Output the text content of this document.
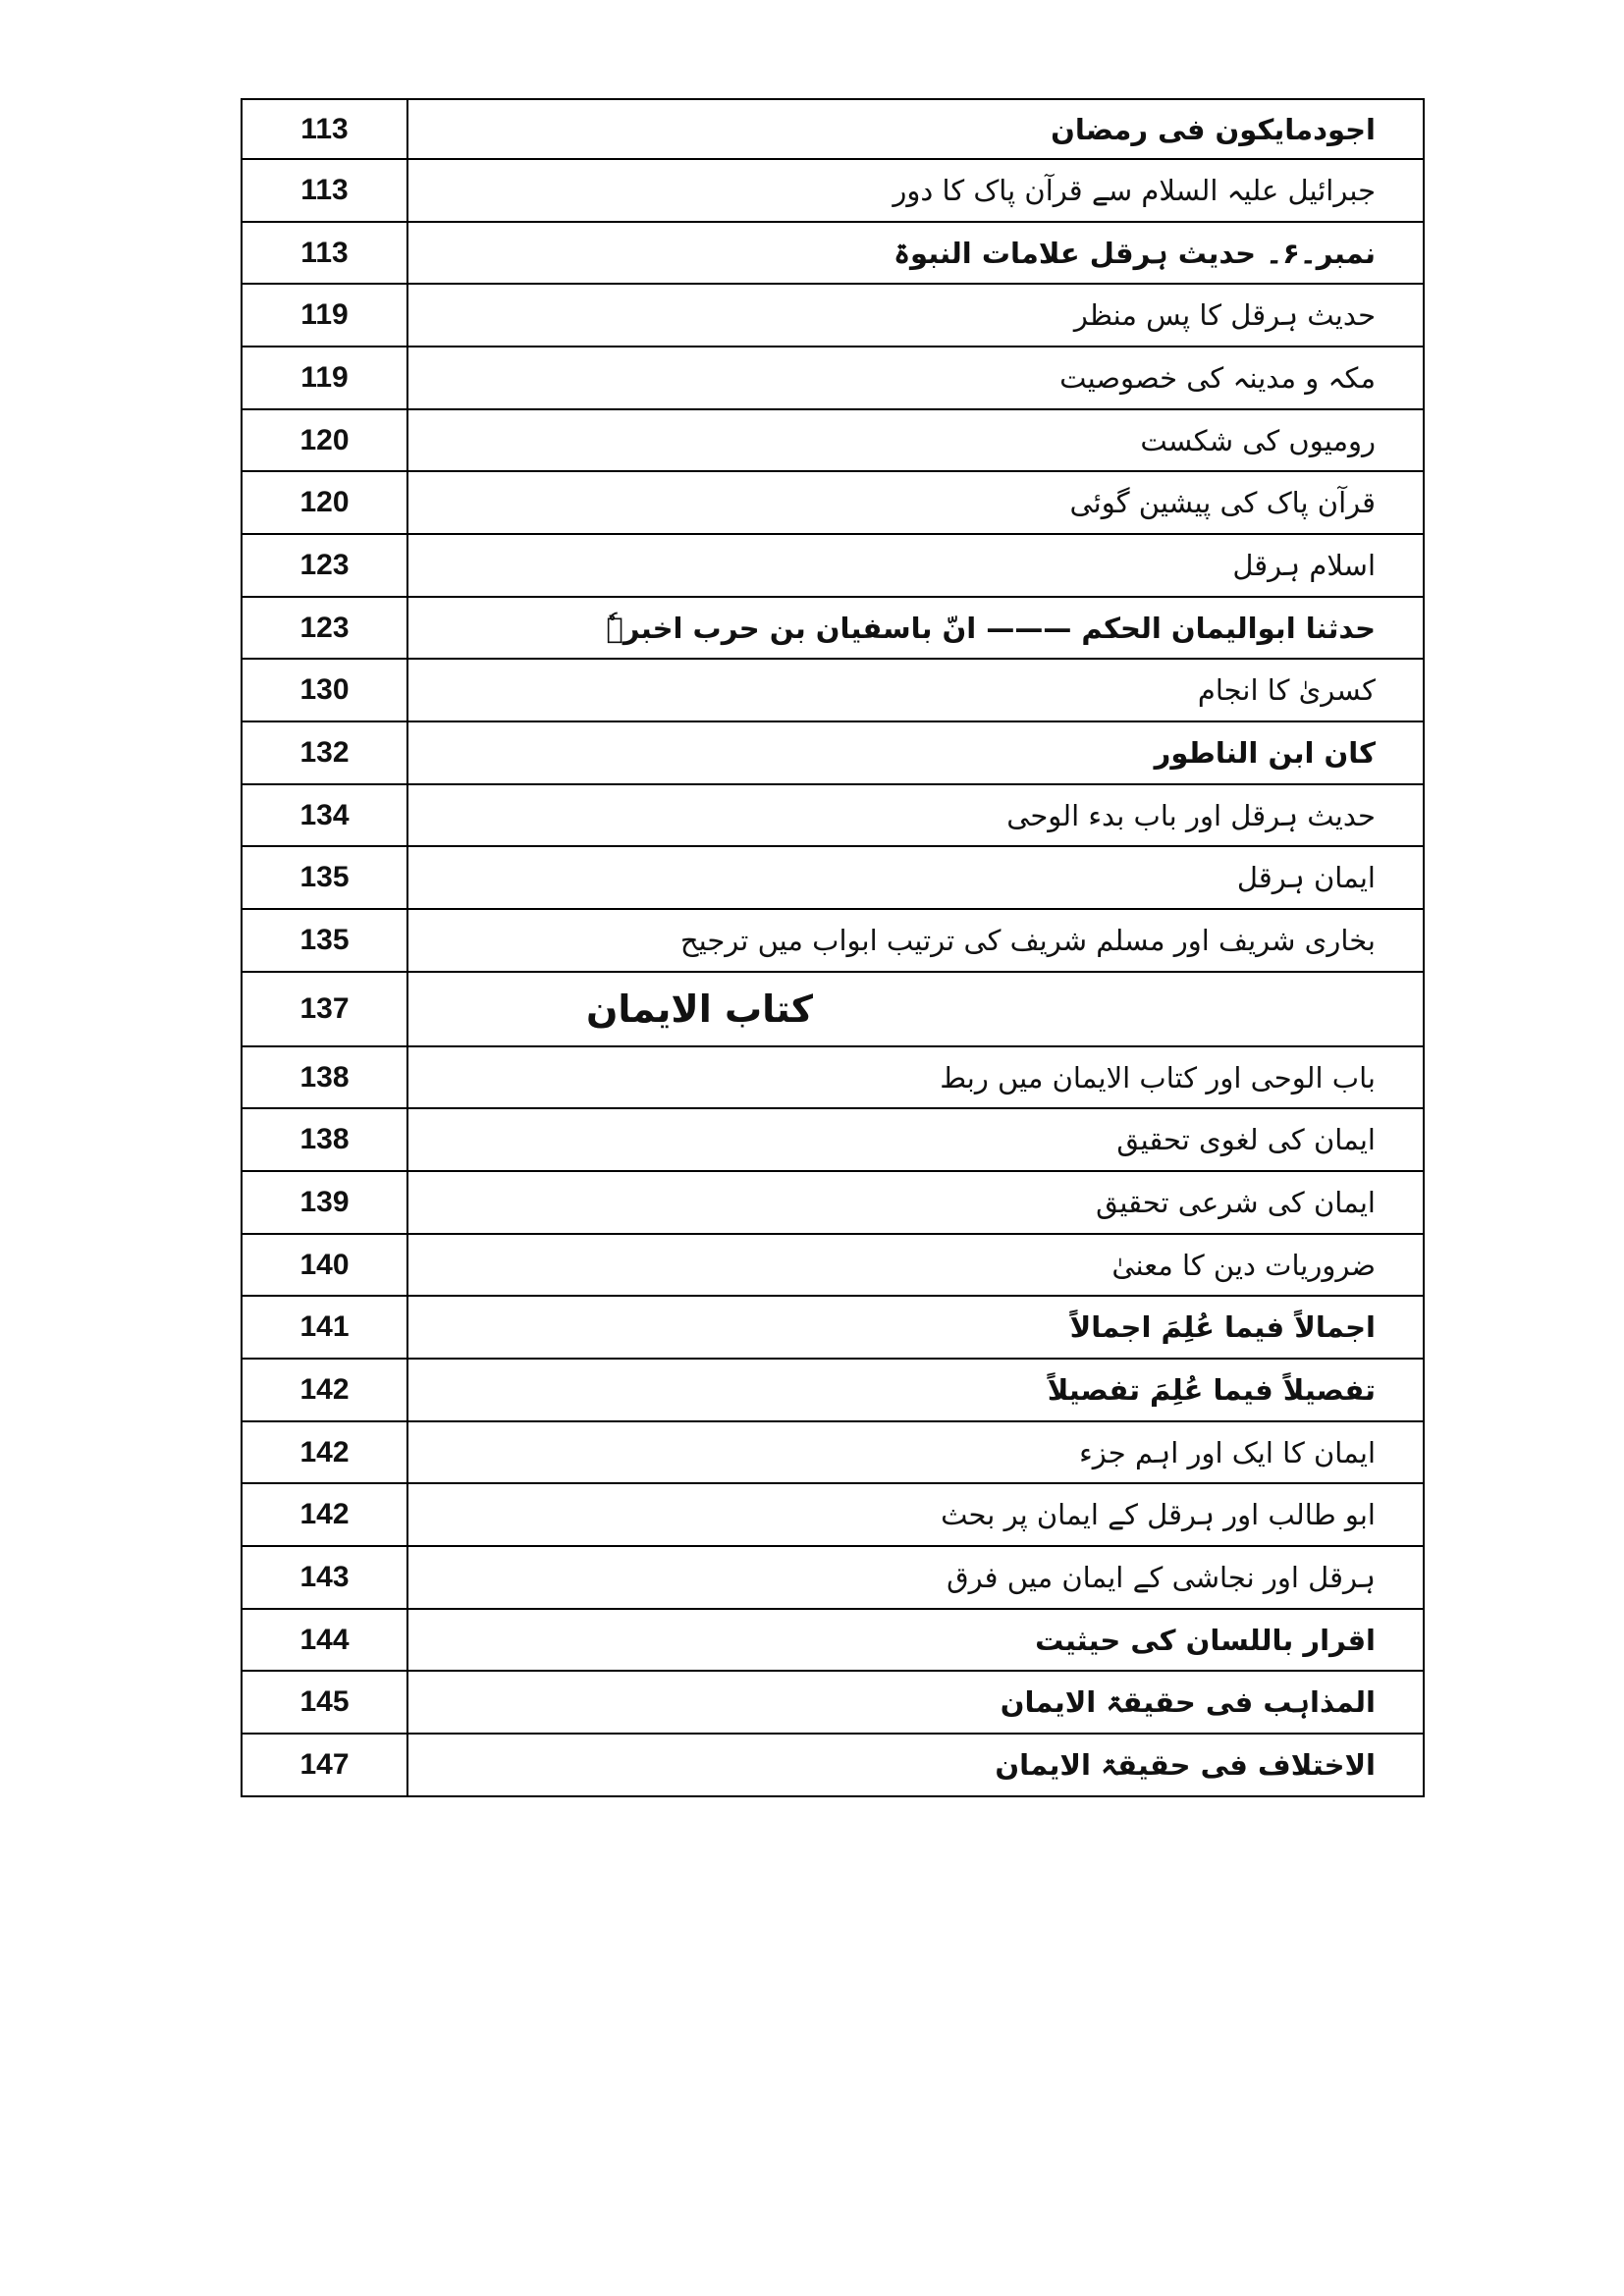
113	اجودمایکون فی رمضان
113	جبرائیل علیہ السلام سے قرآن پاک کا دور
113	نمبر۔۶۔ حدیث ہرقل علامات النبوۃ
119	حدیث ہرقل کا پس منظر
119	مکہ و مدینہ کی خصوصیت
120	رومیوں کی شکست
120	قرآن پاک کی پیشین گوئی
123	اسلام ہرقل
123	حدثنا ابوالیمان الحکم ——— انّ باسفیان بن حرب اخبرہٗ
130	کسریٰ کا انجام
132	کان ابن الناطور
134	حدیث ہرقل اور باب بدء الوحی
135	ایمان ہرقل
135	بخاری شریف اور مسلم شریف کی ترتیب ابواب میں ترجیح
137	کتاب الایمان
138	باب الوحی اور کتاب الایمان میں ربط
138	ایمان کی لغوی تحقیق
139	ایمان کی شرعی تحقیق
140	ضروریات دین کا معنیٰ
141	اجمالاً فیما عُلِمَ اجمالاً
142	تفصیلاً فیما عُلِمَ تفصیلاً
142	ایمان کا ایک اور اہم جزء
142	ابو طالب اور ہرقل کے ایمان پر بحث
143	ہرقل اور نجاشی کے ایمان میں فرق
144	اقرار باللسان کی حیثیت
145	المذاہب فی حقیقۃ الایمان
147	الاختلاف فی حقیقۃ الایمان
